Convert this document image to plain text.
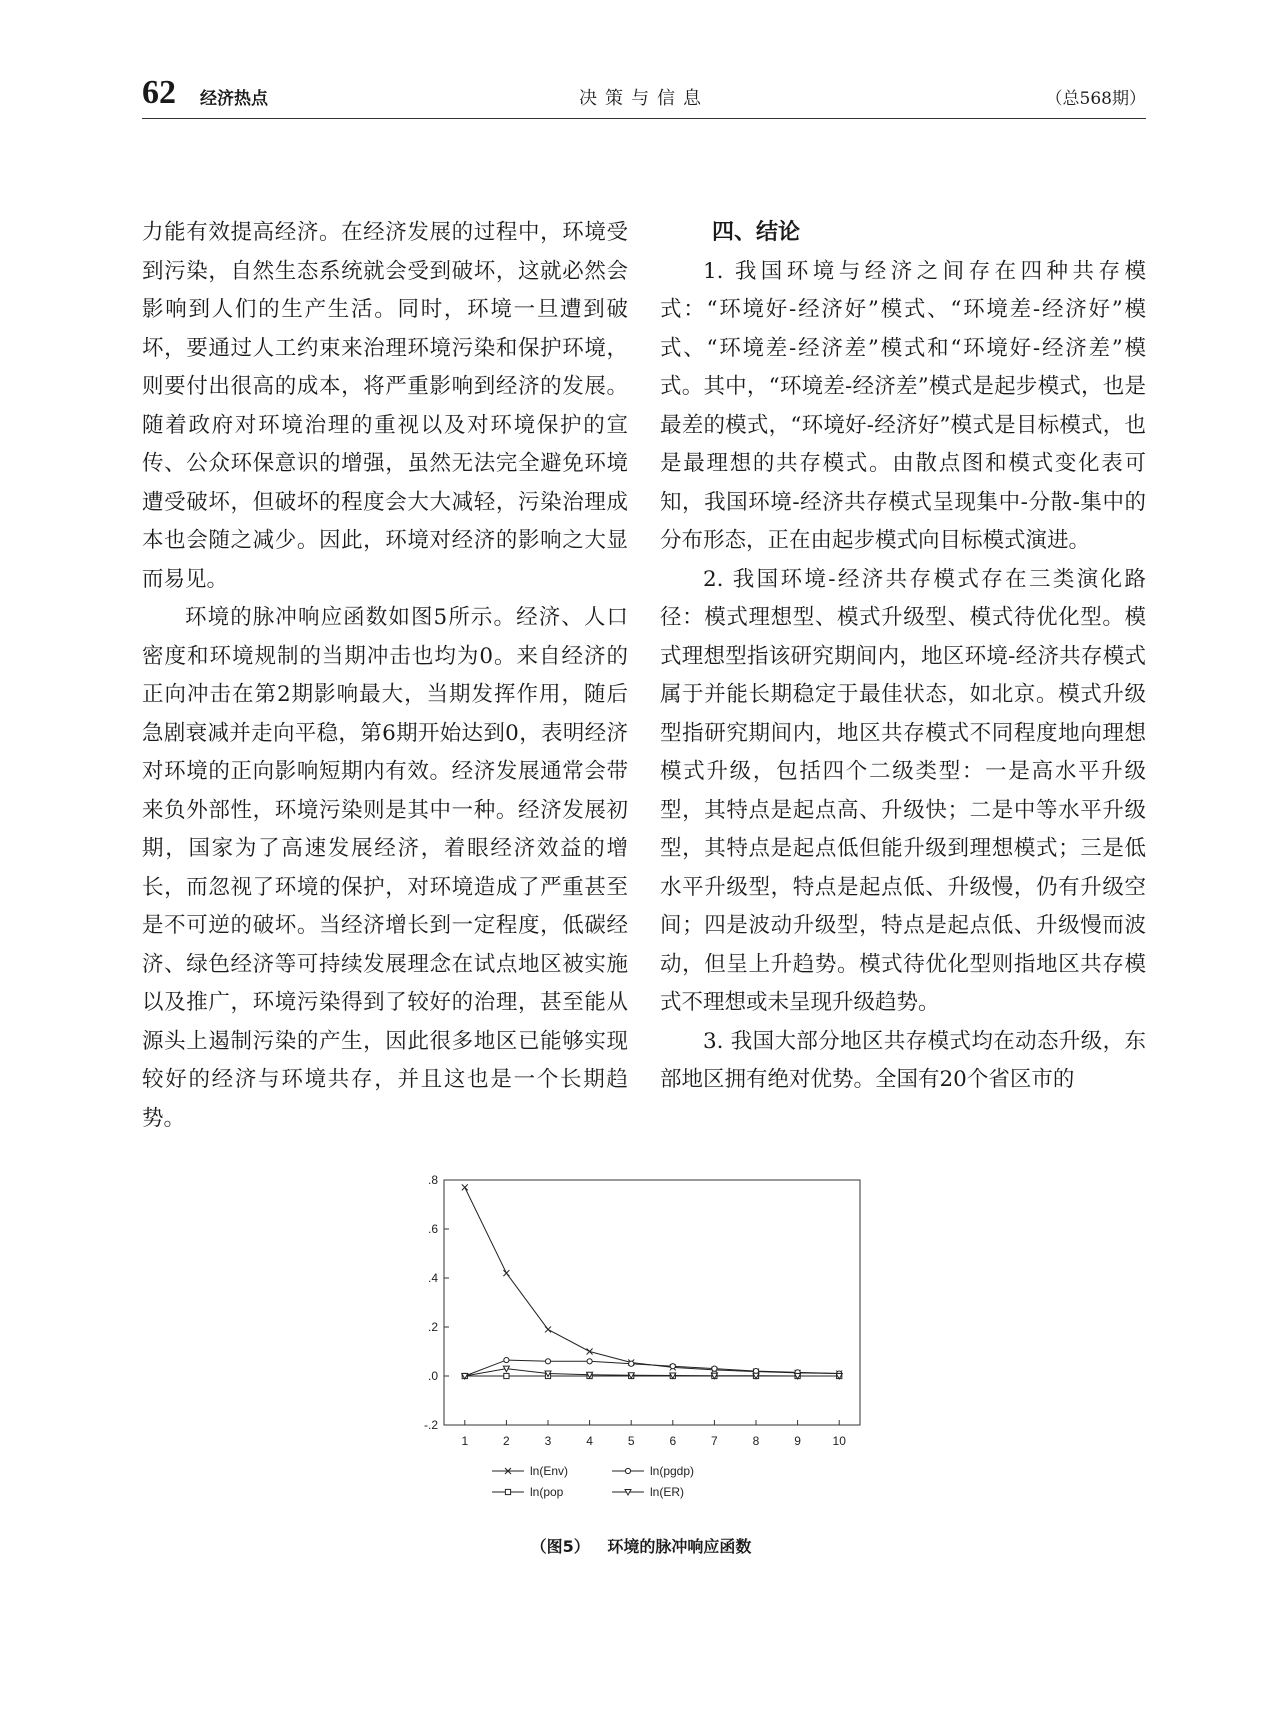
62 经济热点	决策与信息	（总568期）

力能有效提高经济。在经济发展的过程中，环境受到污染，自然生态系统就会受到破坏，这就必然会影响到人们的生产生活。同时，环境一旦遭到破坏，要通过人工约束来治理环境污染和保护环境，则要付出很高的成本，将严重影响到经济的发展。随着政府对环境治理的重视以及对环境保护的宣传、公众环保意识的增强，虽然无法完全避免环境遭受破坏，但破坏的程度会大大减轻，污染治理成本也会随之减少。因此，环境对经济的影响之大显而易见。

环境的脉冲响应函数如图5所示。经济、人口密度和环境规制的当期冲击也均为0。来自经济的正向冲击在第2期影响最大，当期发挥作用，随后急剧衰减并走向平稳，第6期开始达到0，表明经济对环境的正向影响短期内有效。经济发展通常会带来负外部性，环境污染则是其中一种。经济发展初期，国家为了高速发展经济，着眼经济效益的增长，而忽视了环境的保护，对环境造成了严重甚至是不可逆的破坏。当经济增长到一定程度，低碳经济、绿色经济等可持续发展理念在试点地区被实施以及推广，环境污染得到了较好的治理，甚至能从源头上遏制污染的产生，因此很多地区已能够实现较好的经济与环境共存，并且这也是一个长期趋势。

四、结论

1. 我国环境与经济之间存在四种共存模式：“环境好-经济好”模式、“环境差-经济好”模式、“环境差-经济差”模式和“环境好-经济差”模式。其中，“环境差-经济差”模式是起步模式，也是最差的模式，“环境好-经济好”模式是目标模式，也是最理想的共存模式。由散点图和模式变化表可知，我国环境-经济共存模式呈现集中-分散-集中的分布形态，正在由起步模式向目标模式演进。

2. 我国环境-经济共存模式存在三类演化路径：模式理想型、模式升级型、模式待优化型。模式理想型指该研究期间内，地区环境-经济共存模式属于并能长期稳定于最佳状态，如北京。模式升级型指研究期间内，地区共存模式不同程度地向理想模式升级，包括四个二级类型：一是高水平升级型，其特点是起点高、升级快；二是中等水平升级型，其特点是起点低但能升级到理想模式；三是低水平升级型，特点是起点低、升级慢，仍有升级空间；四是波动升级型，特点是起点低、升级慢而波动，但呈上升趋势。模式待优化型则指地区共存模式不理想或未呈现升级趋势。

3. 我国大部分地区共存模式均在动态升级，东部地区拥有绝对优势。全国有20个省区市的

.8
.6
.4
.2
.0
-.2
1	2	3	4	5	6	7	8	9	10
ln(Env)	ln(pgdp)
ln(pop	ln(ER)
（图5） 环境的脉冲响应函数
